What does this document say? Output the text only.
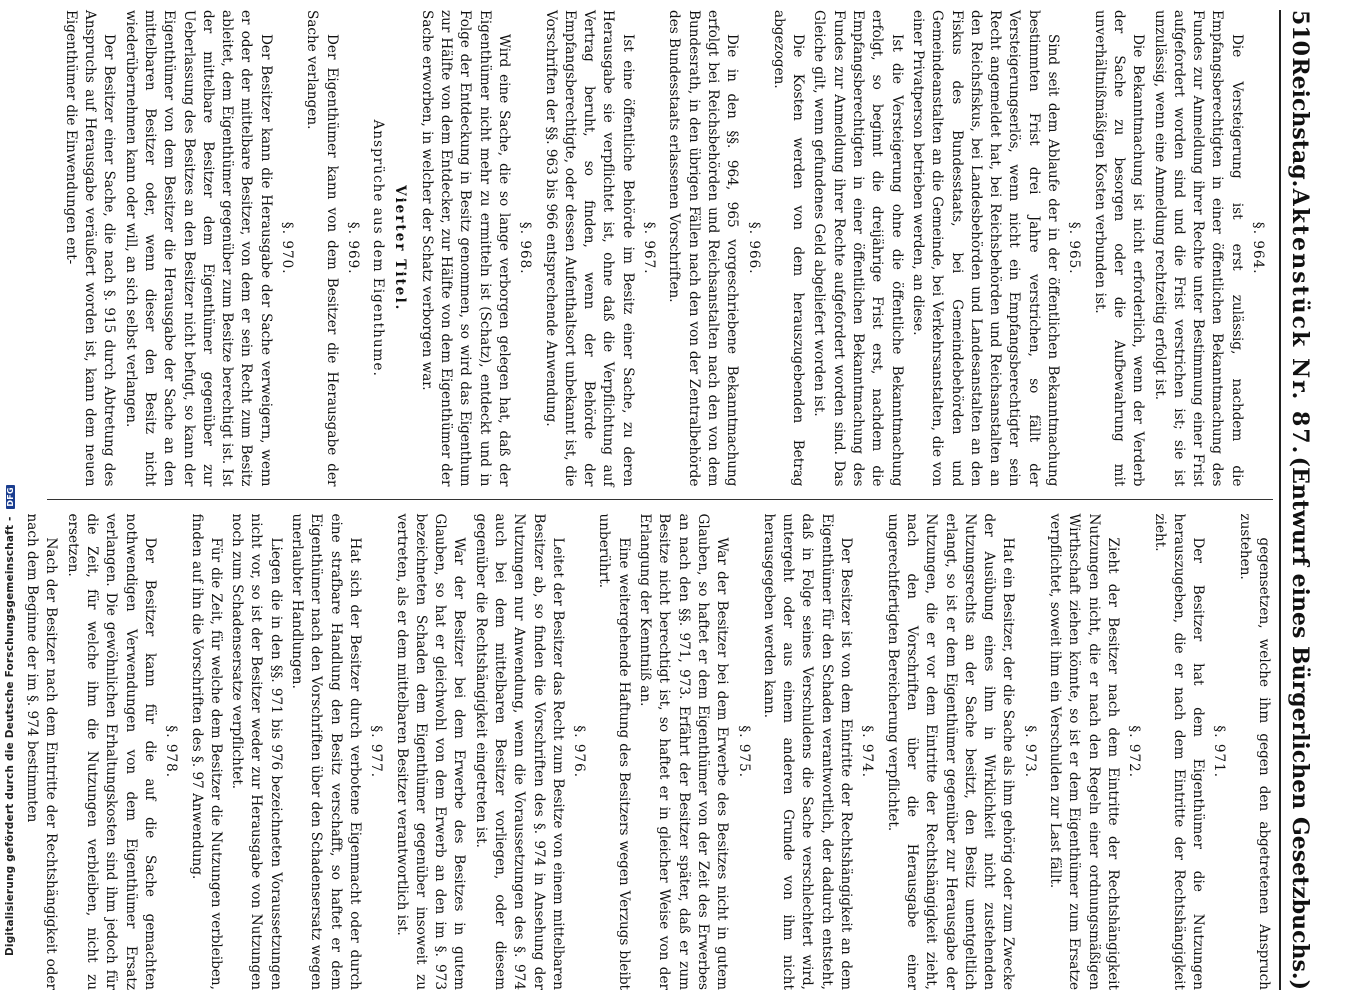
Digitalisierung gefördert durch die Deutsche Forschungsgemeinschaft - DFG
510
Reichstag.
Aktenstück Nr. 87.
(Entwurf eines Bürgerlichen Gesetzbuchs.)
§. 964.
Die Versteigerung ist erst zulässig, nachdem die Empfangsberechtigten in einer öffentlichen Bekanntmachung des Fundes zur Anmeldung ihrer Rechte unter Bestimmung einer Frist aufgefordert worden sind und die Frist verstrichen ist; sie ist unzulässig, wenn eine Anmeldung rechtzeitig erfolgt ist.
Die Bekanntmachung ist nicht erforderlich, wenn der Verderb der Sache zu besorgen oder die Aufbewahrung mit unverhältnißmäßigen Kosten verbunden ist.
§. 965.
Sind seit dem Ablaufe der in der öffentlichen Bekanntmachung bestimmten Frist drei Jahre verstrichen, so fällt der Versteigerungserlös, wenn nicht ein Empfangsberechtigter sein Recht angemeldet hat, bei Reichsbehörden und Reichsanstalten an den Reichsfiskus, bei Landesbehörden und Landesanstalten an den Fiskus des Bundesstaats, bei Gemeindebehörden und Gemeindeanstalten an die Gemeinde, bei Verkehrsanstalten, die von einer Privatperson betrieben werden, an diese.
Ist die Versteigerung ohne die öffentliche Bekanntmachung erfolgt, so beginnt die dreijährige Frist erst, nachdem die Empfangsberechtigten in einer öffentlichen Bekanntmachung des Fundes zur Anmeldung ihrer Rechte aufgefordert worden sind. Das Gleiche gilt, wenn gefundenes Geld abgeliefert worden ist.
Die Kosten werden von dem herauszugebenden Betrag abgezogen.
§. 966.
Die in den §§. 964, 965 vorgeschriebene Bekanntmachung erfolgt bei Reichsbehörden und Reichsanstalten nach den von dem Bundesrath, in den übrigen Fällen nach den von der Zentralbehörde des Bundesstaats erlassenen Vorschriften.
§. 967.
Ist eine öffentliche Behörde im Besitz einer Sache, zu deren Herausgabe sie verpflichtet ist, ohne daß die Verpflichtung auf Vertrag beruht, so finden, wenn der Behörde der Empfangsberechtigte, oder dessen Aufenthaltsort unbekannt ist, die Vorschriften der §§. 963 bis 966 entsprechende Anwendung.
§. 968.
Wird eine Sache, die so lange verborgen gelegen hat, daß der Eigenthümer nicht mehr zu ermitteln ist (Schatz), entdeckt und in Folge der Entdeckung in Besitz genommen, so wird das Eigenthum zur Hälfte von dem Entdecker, zur Hälfte von dem Eigenthümer der Sache erworben, in welcher der Schatz verborgen war.
Vierter Titel.
Ansprüche aus dem Eigenthume.
§. 969.
Der Eigenthümer kann von dem Besitzer die Herausgabe der Sache verlangen.
§. 970.
Der Besitzer kann die Herausgabe der Sache verweigern, wenn er oder der mittelbare Besitzer, von dem er sein Recht zum Besitz ableitet, dem Eigenthümer gegenüber zum Besitze berechtigt ist. Ist der mittelbare Besitzer dem Eigenthümer gegenüber zur Ueberlassung des Besitzes an den Besitzer nicht befugt, so kann der Eigenthümer von dem Besitzer die Herausgabe der Sache an den mittelbaren Besitzer oder, wenn dieser den Besitz nicht wiederübernehmen kann oder will, an sich selbst verlangen.
Der Besitzer einer Sache, die nach §. 915 durch Abtretung des Anspruchs auf Herausgabe veräußert worden ist, kann dem neuen Eigenthümer die Einwendungen ent-
gegensetzen, welche ihm gegen den abgetretenen Anspruch zustehen.
§. 971.
Der Besitzer hat dem Eigenthümer die Nutzungen herauszugeben, die er nach dem Eintritte der Rechtshängigkeit zieht.
§. 972.
Zieht der Besitzer nach dem Eintritte der Rechtshängigkeit Nutzungen nicht, die er nach den Regeln einer ordnungsmäßigen Wirthschaft ziehen könnte, so ist er dem Eigenthümer zum Ersatze verpflichtet, soweit ihm ein Verschulden zur Last fällt.
§. 973.
Hat ein Besitzer, der die Sache als ihm gehörig oder zum Zwecke der Ausübung eines ihm in Wirklichkeit nicht zustehenden Nutzungsrechts an der Sache besitzt, den Besitz unentgeltlich erlangt, so ist er dem Eigenthümer gegenüber zur Herausgabe der Nutzungen, die er vor dem Eintritte der Rechtshängigkeit zieht, nach den Vorschriften über die Herausgabe einer ungerechtfertigten Bereicherung verpflichtet.
§. 974.
Der Besitzer ist von dem Eintritte der Rechtshängigkeit an dem Eigenthümer für den Schaden verantwortlich, der dadurch entsteht, daß in Folge seines Verschuldens die Sache verschlechtert wird, untergeht oder aus einem anderen Grunde von ihm nicht herausgegeben werden kann.
§. 975.
War der Besitzer bei dem Erwerbe des Besitzes nicht in gutem Glauben, so haftet er dem Eigenthümer von der Zeit des Erwerbes an nach den §§. 971, 973. Erfährt der Besitzer später, daß er zum Besitze nicht berechtigt ist, so haftet er in gleicher Weise von der Erlangung der Kenntniß an.
Eine weitergehende Haftung des Besitzers wegen Verzugs bleibt unberührt.
§. 976.
Leitet der Besitzer das Recht zum Besitze von einem mittelbaren Besitzer ab, so finden die Vorschriften des §. 974 in Ansehung der Nutzungen nur Anwendung, wenn die Voraussetzungen des §. 974 auch bei dem mittelbaren Besitzer vorliegen, oder diesem gegenüber die Rechtshängigkeit eingetreten ist.
War der Besitzer bei dem Erwerbe des Besitzes in gutem Glauben, so hat er gleichwohl von dem Erwerb an den im §. 973 bezeichneten Schaden dem Eigenthümer gegenüber insoweit zu vertreten, als er dem mittelbaren Besitzer verantwortlich ist.
§. 977.
Hat sich der Besitzer durch verbotene Eigenmacht oder durch eine strafbare Handlung den Besitz verschafft, so haftet er dem Eigenthümer nach den Vorschriften über den Schadensersatz wegen unerlaubter Handlungen.
Liegen die in den §§. 971 bis 976 bezeichneten Voraussetzungen nicht vor, so ist der Besitzer weder zur Herausgabe von Nutzungen noch zum Schadensersatze verpflichtet.
Für die Zeit, für welche dem Besitzer die Nutzungen verbleiben, finden auf ihn die Vorschriften des §. 97 Anwendung.
§. 978.
Der Besitzer kann für die auf die Sache gemachten nothwendigen Verwendungen von dem Eigenthümer Ersatz verlangen. Die gewöhnlichen Erhaltungskosten sind ihm jedoch für die Zeit, für welche ihm die Nutzungen verbleiben, nicht zu ersetzen.
Nach der Besitzer nach dem Eintritte der Rechtshängigkeit oder nach dem Beginne der im §. 974 bestimmten
